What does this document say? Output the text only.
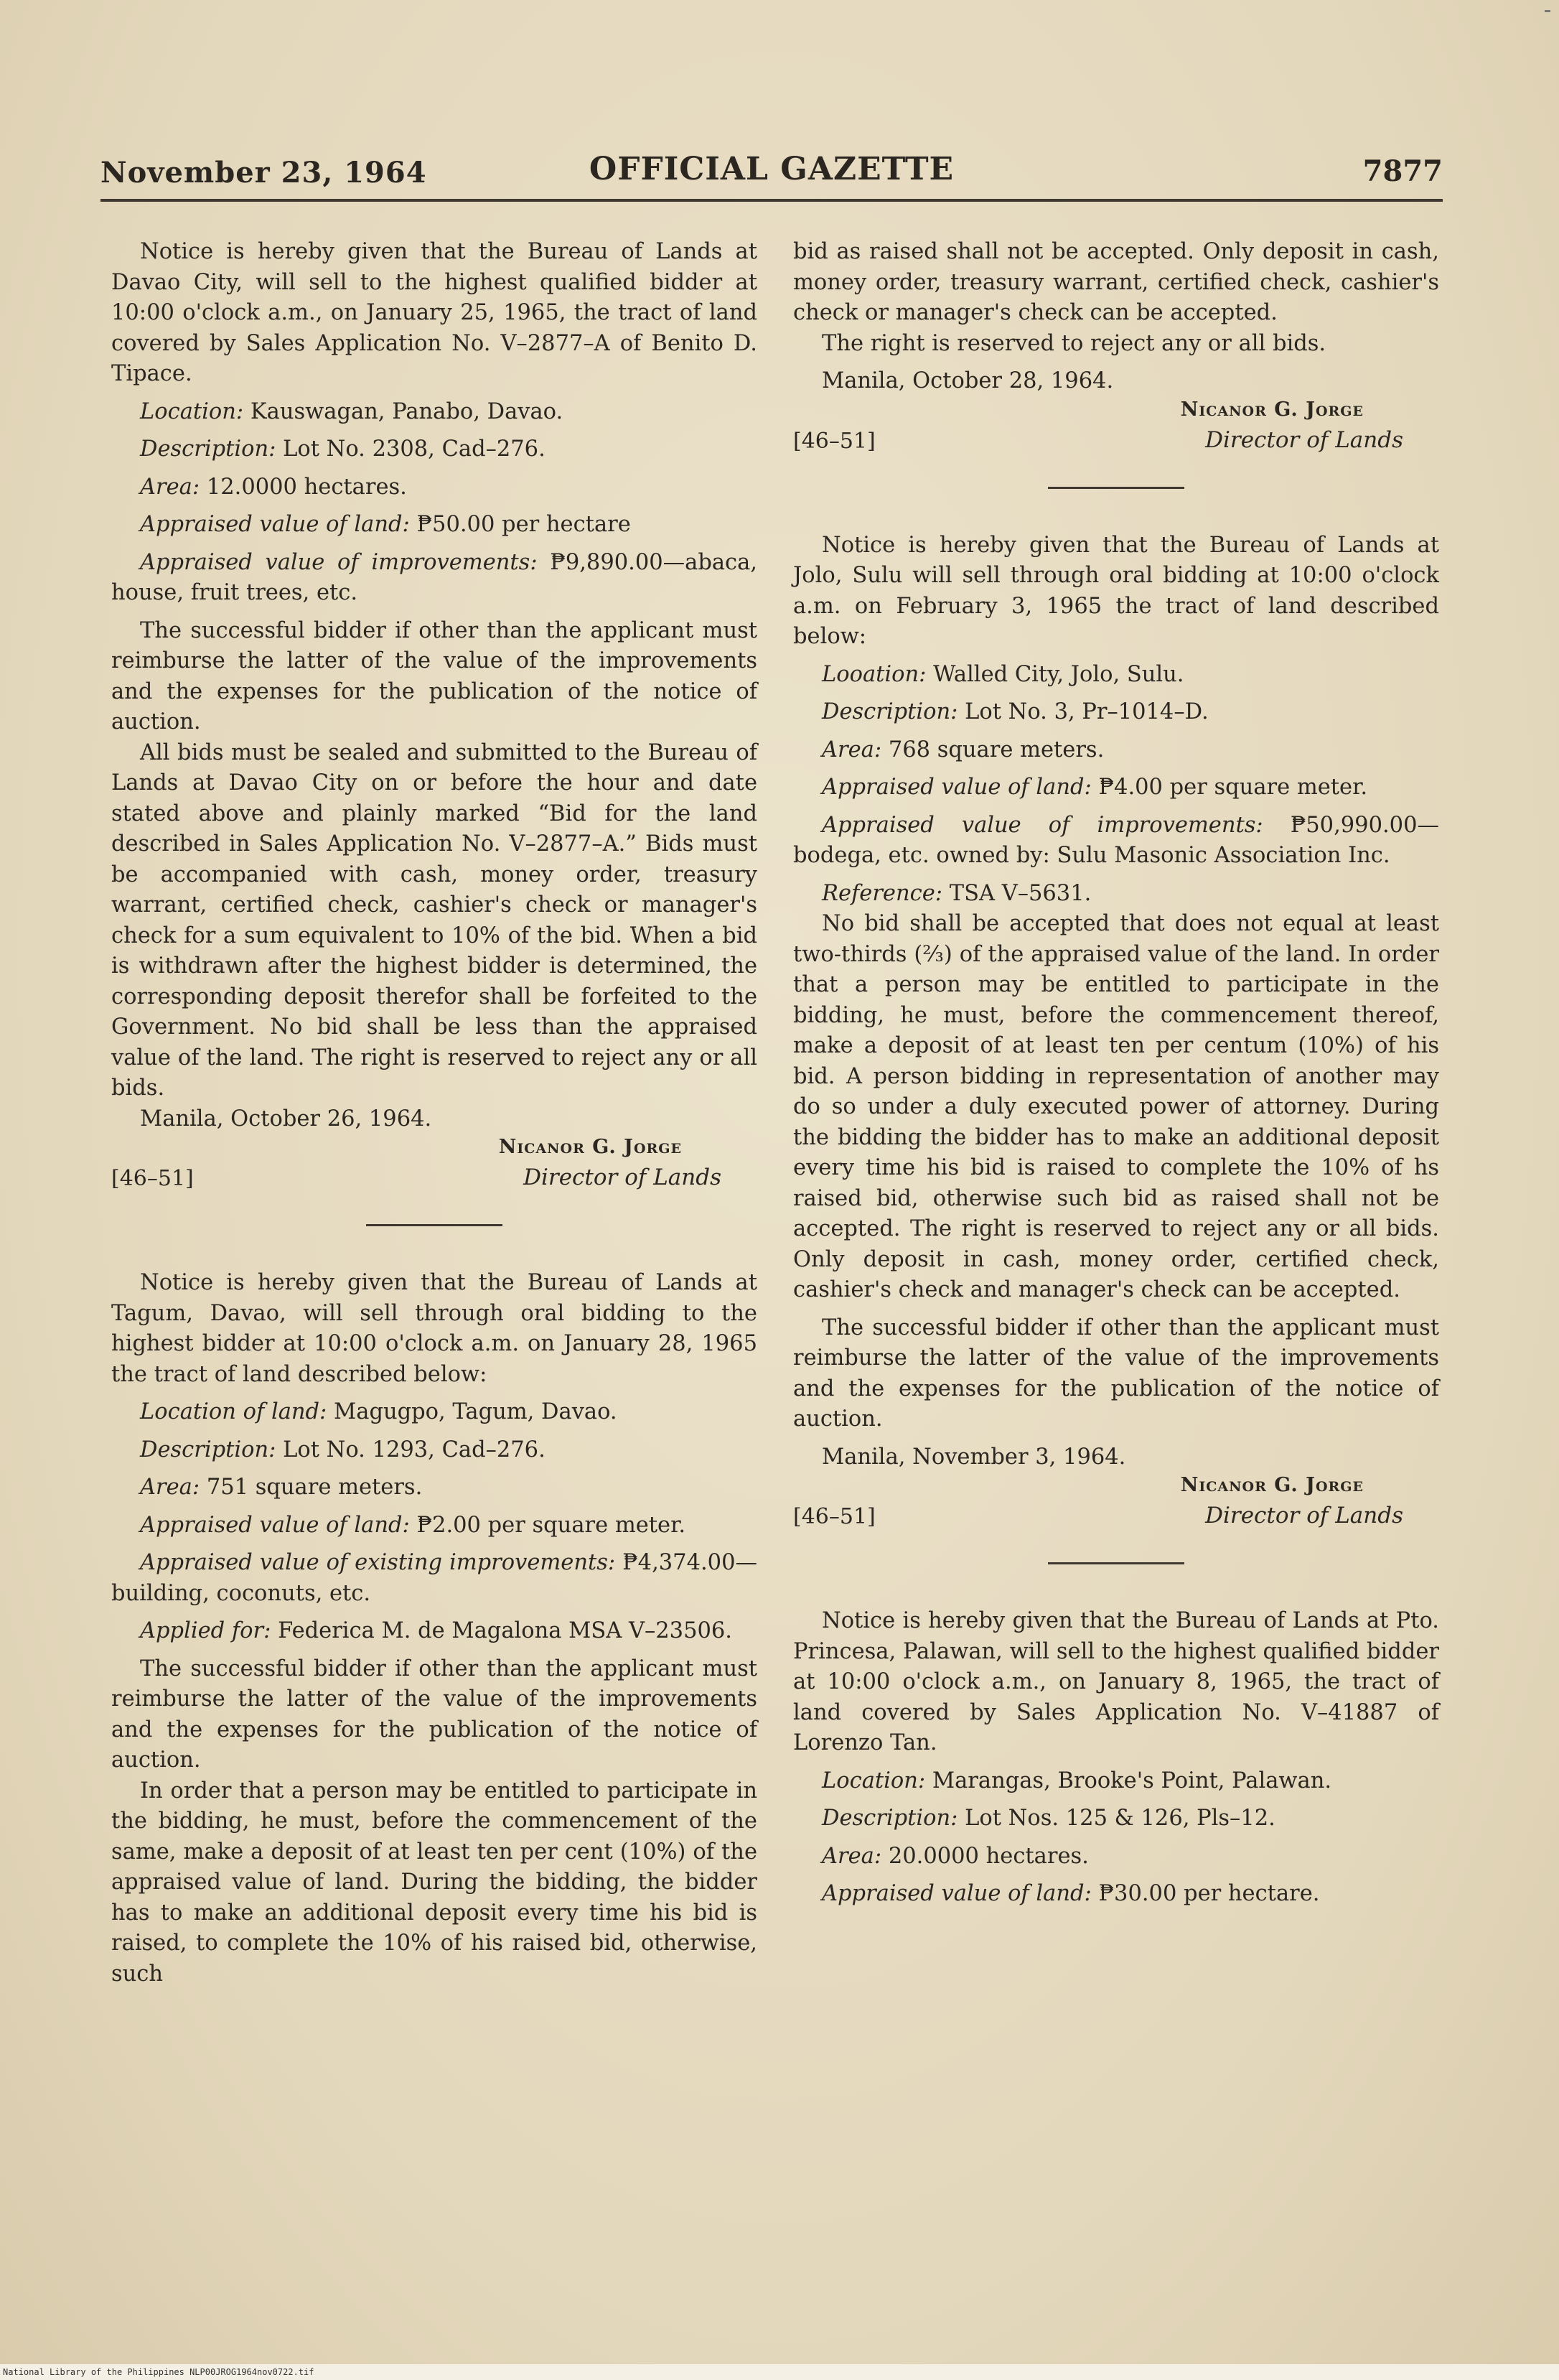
November 23, 1964	OFFICIAL GAZETTE	7877

Notice is hereby given that the Bureau of Lands at Davao City, will sell to the highest qualified bidder at 10:00 o'clock a.m., on January 25, 1965, the tract of land covered by Sales Application No. V–2877–A of Benito D. Tipace.

Location: Kauswagan, Panabo, Davao.

Description: Lot No. 2308, Cad–276.

Area: 12.0000 hectares.

Appraised value of land: ₱50.00 per hectare

Appraised value of improvements: ₱9,890.00—abaca, house, fruit trees, etc.

The successful bidder if other than the applicant must reimburse the latter of the value of the improvements and the expenses for the publication of the notice of auction.

All bids must be sealed and submitted to the Bureau of Lands at Davao City on or before the hour and date stated above and plainly marked “Bid for the land described in Sales Application No. V–2877–A.” Bids must be accompanied with cash, money order, treasury warrant, certified check, cashier's check or manager's check for a sum equivalent to 10% of the bid. When a bid is withdrawn after the highest bidder is determined, the corresponding deposit therefor shall be forfeited to the Government. No bid shall be less than the appraised value of the land. The right is reserved to reject any or all bids.

Manila, October 26, 1964.

Nicanor G. Jorge
[46–51]	Director of Lands

Notice is hereby given that the Bureau of Lands at Tagum, Davao, will sell through oral bidding to the highest bidder at 10:00 o'clock a.m. on January 28, 1965 the tract of land described below:

Location of land: Magugpo, Tagum, Davao.

Description: Lot No. 1293, Cad–276.

Area: 751 square meters.

Appraised value of land: ₱2.00 per square meter.

Appraised value of existing improvements: ₱4,374.00—building, coconuts, etc.

Applied for: Federica M. de Magalona MSA V–23506.

The successful bidder if other than the applicant must reimburse the latter of the value of the improvements and the expenses for the publication of the notice of auction.

In order that a person may be entitled to participate in the bidding, he must, before the commencement of the same, make a deposit of at least ten per cent (10%) of the appraised value of land. During the bidding, the bidder has to make an additional deposit every time his bid is raised, to complete the 10% of his raised bid, otherwise, such

bid as raised shall not be accepted. Only deposit in cash, money order, treasury warrant, certified check, cashier's check or manager's check can be accepted.

The right is reserved to reject any or all bids.

Manila, October 28, 1964.

Nicanor G. Jorge
[46–51]	Director of Lands

Notice is hereby given that the Bureau of Lands at Jolo, Sulu will sell through oral bidding at 10:00 o'clock a.m. on February 3, 1965 the tract of land described below:

Looation: Walled City, Jolo, Sulu.

Description: Lot No. 3, Pr–1014–D.

Area: 768 square meters.

Appraised value of land: ₱4.00 per square meter.

Appraised value of improvements: ₱50,990.00—bodega, etc. owned by: Sulu Masonic Association Inc.

Reference: TSA V–5631.

No bid shall be accepted that does not equal at least two-thirds (⅔) of the appraised value of the land. In order that a person may be entitled to participate in the bidding, he must, before the commencement thereof, make a deposit of at least ten per centum (10%) of his bid. A person bidding in representation of another may do so under a duly executed power of attorney. During the bidding the bidder has to make an additional deposit every time his bid is raised to complete the 10% of hs raised bid, otherwise such bid as raised shall not be accepted. The right is reserved to reject any or all bids. Only deposit in cash, money order, certified check, cashier's check and manager's check can be accepted.

The successful bidder if other than the applicant must reimburse the latter of the value of the improvements and the expenses for the publication of the notice of auction.

Manila, November 3, 1964.

Nicanor G. Jorge
[46–51]	Director of Lands

Notice is hereby given that the Bureau of Lands at Pto. Princesa, Palawan, will sell to the highest qualified bidder at 10:00 o'clock a.m., on January 8, 1965, the tract of land covered by Sales Application No. V–41887 of Lorenzo Tan.

Location: Marangas, Brooke's Point, Palawan.

Description: Lot Nos. 125 & 126, Pls–12.

Area: 20.0000 hectares.

Appraised value of land: ₱30.00 per hectare.

National Library of the Philippines NLP00JROG1964nov0722.tif
